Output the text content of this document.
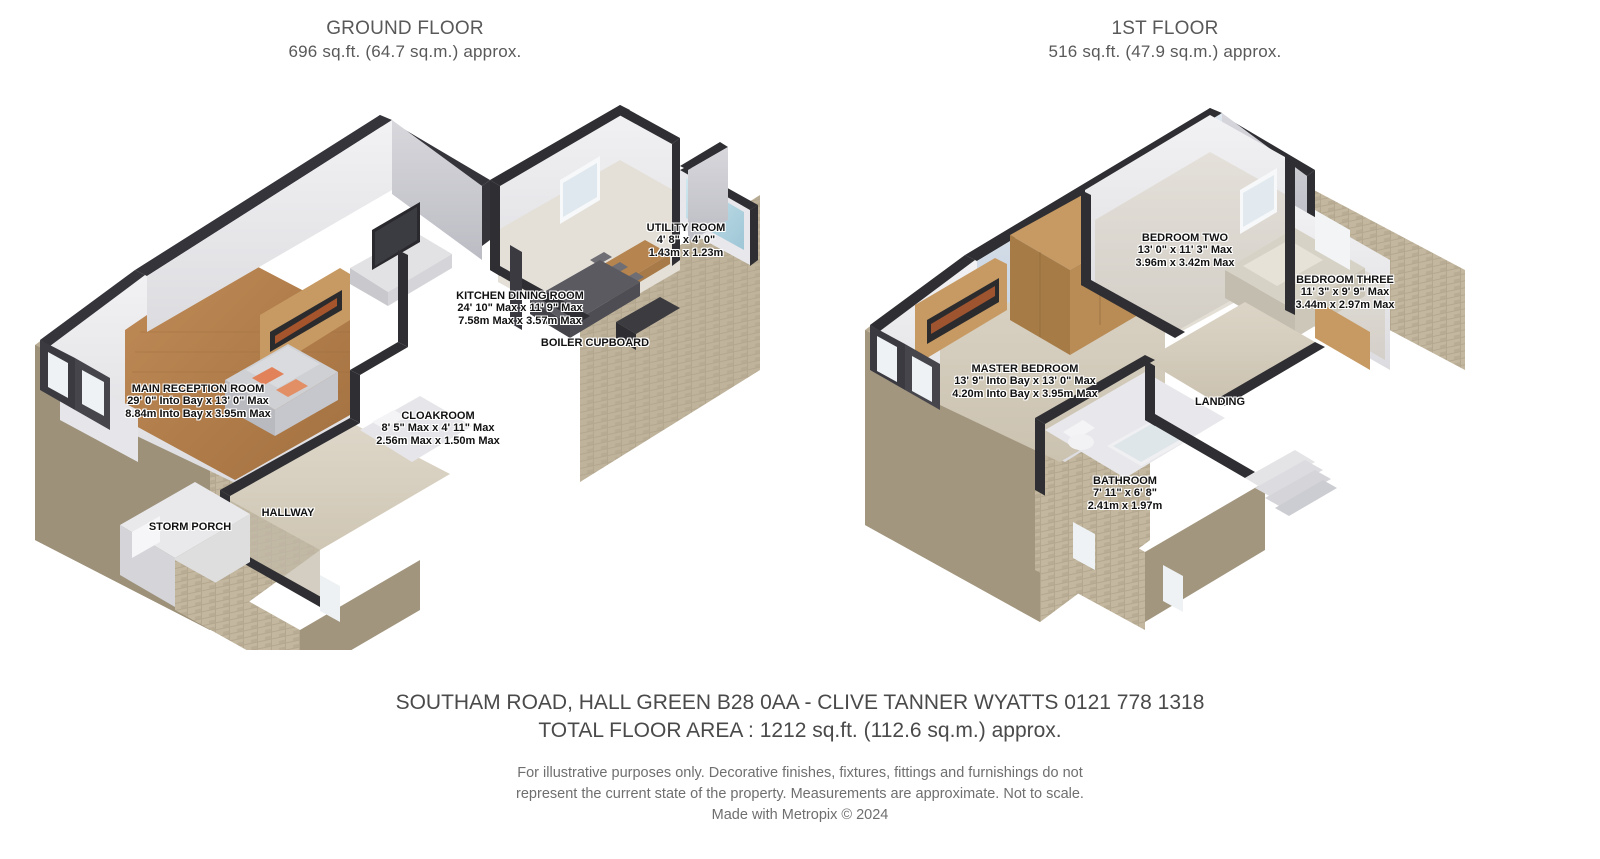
GROUND FLOOR
696 sq.ft. (64.7 sq.m.) approx.
1ST FLOOR
516 sq.ft. (47.9 sq.m.) approx.
MAIN RECEPTION ROOM
29' 0" Into Bay x 13' 0" Max
8.84m Into Bay x 3.95m Max
KITCHEN DINING ROOM
24' 10" Max x 11' 9" Max
7.58m Max x 3.57m Max
UTILITY ROOM
4' 8" x 4' 0"
1.43m x 1.23m
CLOAKROOM
8' 5" Max x 4' 11" Max
2.56m Max x 1.50m Max
BOILER CUPBOARD
HALLWAY
STORM PORCH
MASTER BEDROOM
13' 9" Into Bay x 13' 0" Max
4.20m Into Bay x 3.95m Max
BEDROOM TWO
13' 0" x 11' 3" Max
3.96m x 3.42m Max
BEDROOM THREE
11' 3" x 9' 9" Max
3.44m x 2.97m Max
BATHROOM
7' 11" x 6' 8"
2.41m x 1.97m
LANDING
SOUTHAM ROAD, HALL GREEN B28 0AA - CLIVE TANNER WYATTS 0121 778 1318
TOTAL FLOOR AREA : 1212 sq.ft. (112.6 sq.m.) approx.
For illustrative purposes only. Decorative finishes, fixtures, fittings and furnishings do not
represent the current state of the property. Measurements are approximate. Not to scale.
Made with Metropix © 2024
